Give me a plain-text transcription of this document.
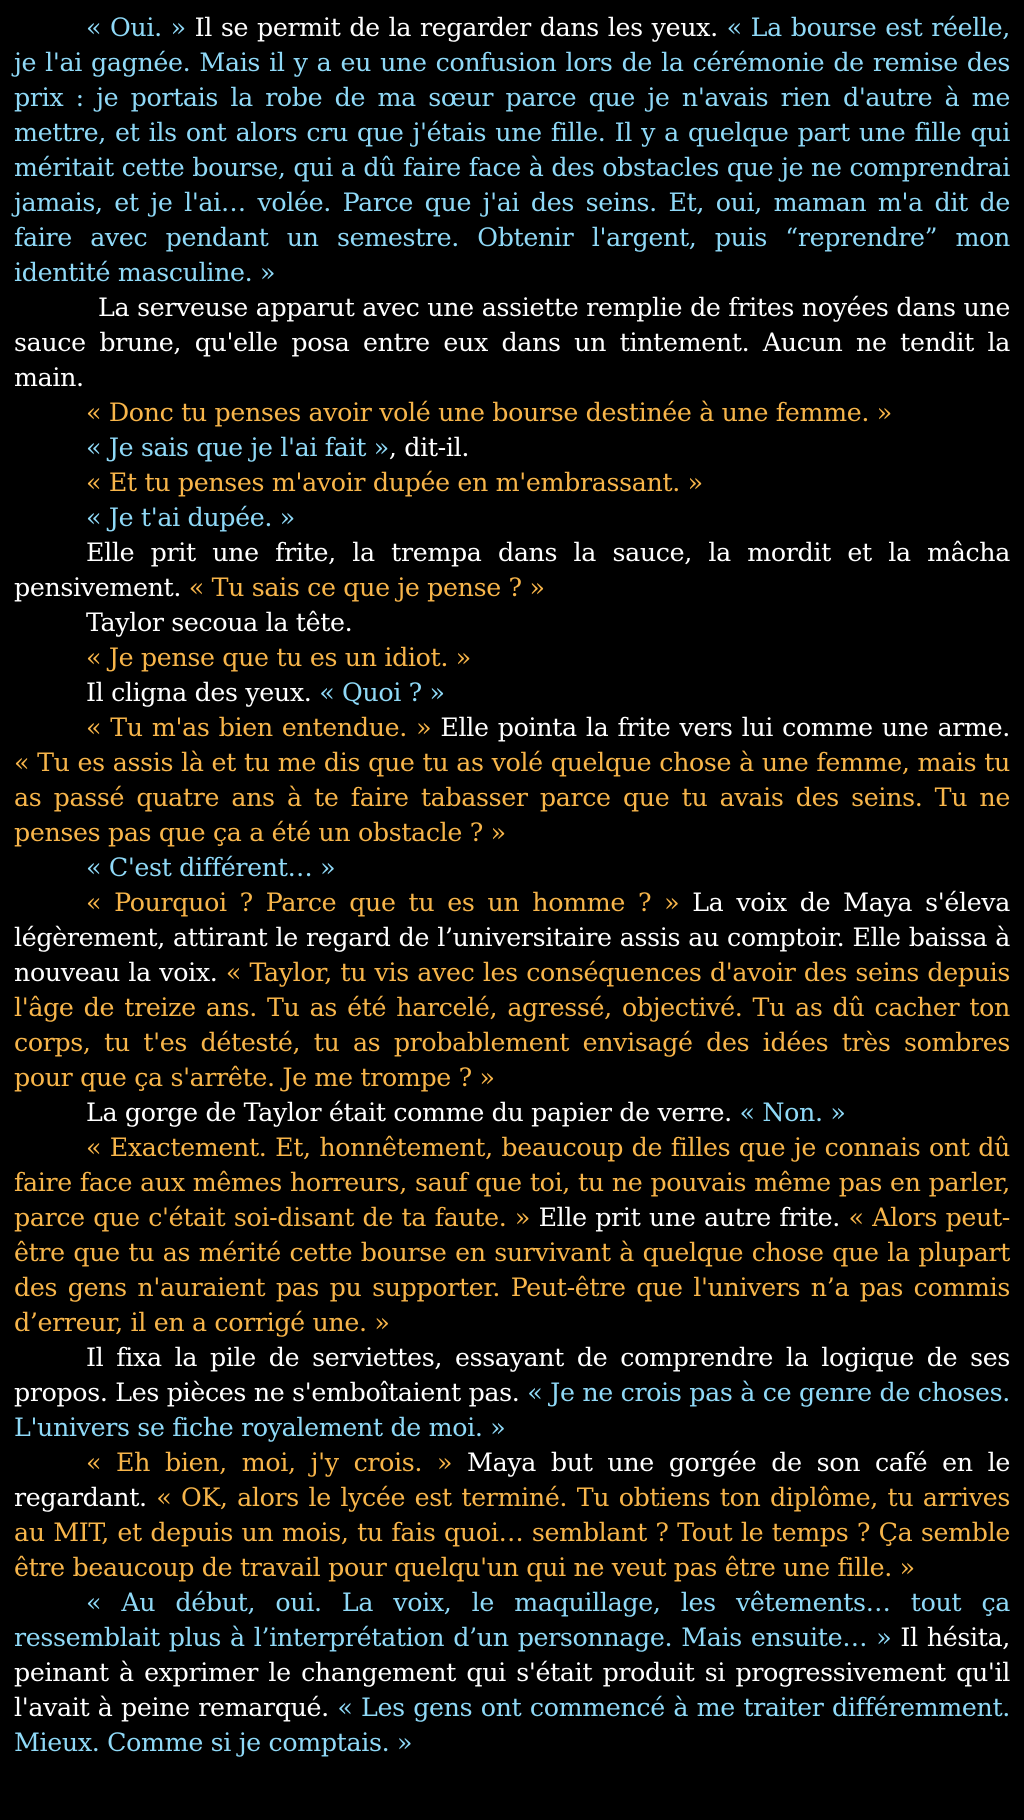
« Oui. » Il se permit de la regarder dans les yeux. « La bourse est réelle, je l'ai gagnée. Mais il y a eu une confusion lors de la cérémonie de remise des prix : je portais la robe de ma sœur parce que je n'avais rien d'autre à me mettre, et ils ont alors cru que j'étais une fille. Il y a quelque part une fille qui méritait cette bourse, qui a dû faire face à des obstacles que je ne comprendrai jamais, et je l'ai… volée. Parce que j'ai des seins. Et, oui, maman m'a dit de faire avec pendant un semestre. Obtenir l'argent, puis “reprendre” mon identité masculine. »

La serveuse apparut avec une assiette remplie de frites noyées dans une sauce brune, qu'elle posa entre eux dans un tintement. Aucun ne tendit la main.

« Donc tu penses avoir volé une bourse destinée à une femme. »

« Je sais que je l'ai fait », dit-il.

« Et tu penses m'avoir dupée en m'embrassant. »

« Je t'ai dupée. »

Elle prit une frite, la trempa dans la sauce, la mordit et la mâcha pensivement. « Tu sais ce que je pense ? »

Taylor secoua la tête.

« Je pense que tu es un idiot. »

Il cligna des yeux. « Quoi ? »

« Tu m'as bien entendue. » Elle pointa la frite vers lui comme une arme. « Tu es assis là et tu me dis que tu as volé quelque chose à une femme, mais tu as passé quatre ans à te faire tabasser parce que tu avais des seins. Tu ne penses pas que ça a été un obstacle ? »

« C'est différent… »

« Pourquoi ? Parce que tu es un homme ? » La voix de Maya s'éleva légèrement, attirant le regard de l’universitaire assis au comptoir. Elle baissa à nouveau la voix. « Taylor, tu vis avec les conséquences d'avoir des seins depuis l'âge de treize ans. Tu as été harcelé, agressé, objectivé. Tu as dû cacher ton corps, tu t'es détesté, tu as probablement envisagé des idées très sombres pour que ça s'arrête. Je me trompe ? »

La gorge de Taylor était comme du papier de verre. « Non. »

« Exactement. Et, honnêtement, beaucoup de filles que je connais ont dû faire face aux mêmes horreurs, sauf que toi, tu ne pouvais même pas en parler, parce que c'était soi-disant de ta faute. » Elle prit une autre frite. « Alors peut-être que tu as mérité cette bourse en survivant à quelque chose que la plupart des gens n'auraient pas pu supporter. Peut-être que l'univers n’a pas commis d’erreur, il en a corrigé une. »

Il fixa la pile de serviettes, essayant de comprendre la logique de ses propos. Les pièces ne s'emboîtaient pas. « Je ne crois pas à ce genre de choses. L'univers se fiche royalement de moi. »

« Eh bien, moi, j'y crois. » Maya but une gorgée de son café en le regardant. « OK, alors le lycée est terminé. Tu obtiens ton diplôme, tu arrives au MIT, et depuis un mois, tu fais quoi… semblant ? Tout le temps ? Ça semble être beaucoup de travail pour quelqu'un qui ne veut pas être une fille. »

« Au début, oui. La voix, le maquillage, les vêtements… tout ça ressemblait plus à l’interprétation d’un personnage. Mais ensuite… » Il hésita, peinant à exprimer le changement qui s'était produit si progressivement qu'il l'avait à peine remarqué. « Les gens ont commencé à me traiter différemment. Mieux. Comme si je comptais. »
